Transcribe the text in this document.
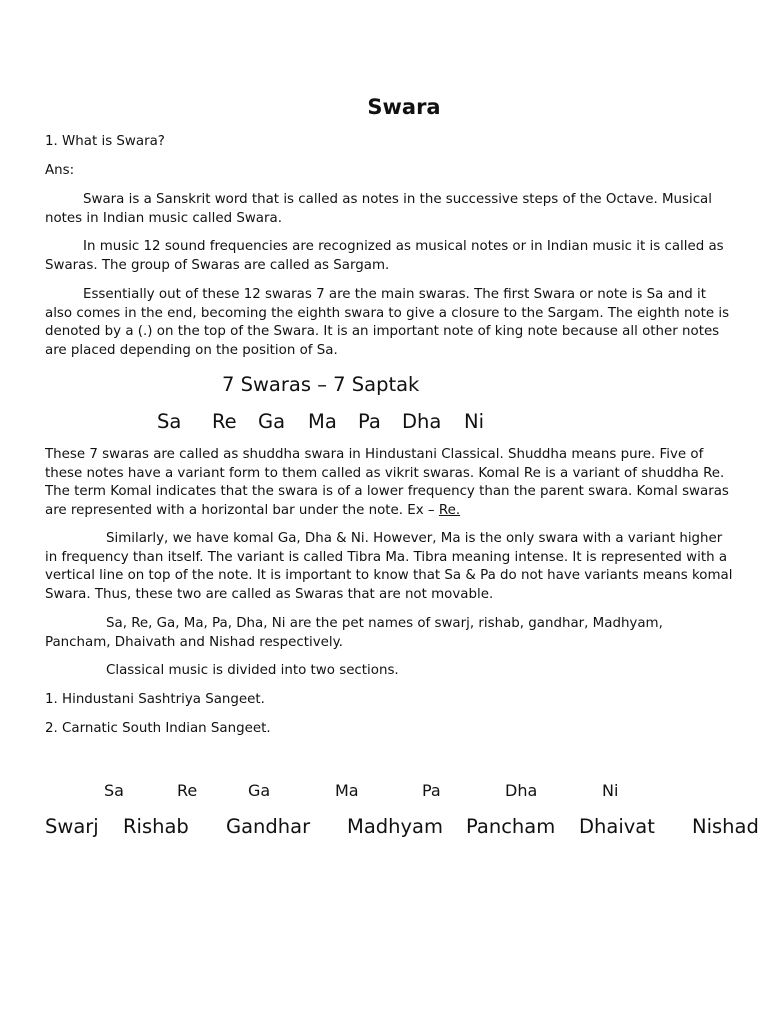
Swara

1. What is Swara?

Ans:

Swara is a Sanskrit word that is called as notes in the successive steps of the Octave. Musical
notes in Indian music called Swara.

In music 12 sound frequencies are recognized as musical notes or in Indian music it is called as
Swaras. The group of Swaras are called as Sargam.

Essentially out of these 12 swaras 7 are the main swaras. The first Swara or note is Sa and it
also comes in the end, becoming the eighth swara to give a closure to the Sargam. The eighth note is
denoted by a (.) on the top of the Swara. It is an important note of king note because all other notes
are placed depending on the position of Sa.

7 Swaras – 7 Saptak
Sa Re Ga Ma Pa Dha Ni

These 7 swaras are called as shuddha swara in Hindustani Classical. Shuddha means pure. Five of
these notes have a variant form to them called as vikrit swaras. Komal Re is a variant of shuddha Re.
The term Komal indicates that the swara is of a lower frequency than the parent swara. Komal swaras
are represented with a horizontal bar under the note. Ex – Re.

Similarly, we have komal Ga, Dha & Ni. However, Ma is the only swara with a variant higher
in frequency than itself. The variant is called Tibra Ma. Tibra meaning intense. It is represented with a
vertical line on top of the note. It is important to know that Sa & Pa do not have variants means komal
Swara. Thus, these two are called as Swaras that are not movable.

Sa, Re, Ga, Ma, Pa, Dha, Ni are the pet names of swarj, rishab, gandhar, Madhyam,
Pancham, Dhaivath and Nishad respectively.

Classical music is divided into two sections.

1. Hindustani Sashtriya Sangeet.

2. Carnatic South Indian Sangeet.

Sa	Re	Ga	Ma	Pa	Dha	Ni
Swarj Rishab Gandhar Madhyam Pancham Dhaivat Nishad
